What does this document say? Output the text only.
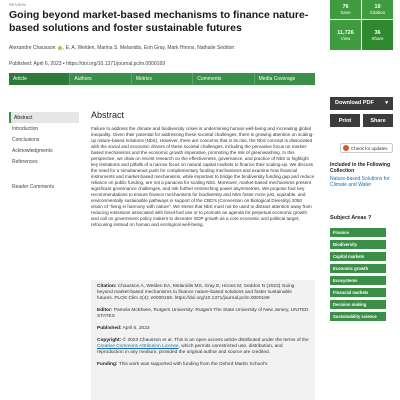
REVIEW
Going beyond market-based mechanisms to finance nature-based solutions and foster sustainable futures
Alexandre Chausson , E. A. Welden, Marina S. Melanidis, Erin Gray, Mark Hirons, Nathalie Seddon
Published: April 6, 2023 • https://doi.org/10.1371/journal.pclm.0000169
76
Save
19
Citation
11,726
View
36
Share
Article	Authors	Metrics	Comments	Media Coverage
Abstract
Introduction
Conclusions
Acknowledgments
References
Reader Comments
Abstract
Failure to address the climate and biodiversity crises is undermining human well-being and increasing global inequality. Given their potential for addressing these societal challenges, there is growing attention on scaling-up nature-based solutions (NbS). However, there are concerns that in its rise, the NbS concept is dissociated with the social and economic drivers of these societal challenges, including the pervasive focus on market-based mechanisms and the economic growth imperative, promoting the risk of greenwashing. In this perspective, we draw on recent research on the effectiveness, governance, and practice of NbS to highlight key limitations and pitfalls of a narrow focus on natural capital markets to finance their scaling-up. We discuss the need for a simultaneous push for complementary funding mechanisms and examine how financial instruments and market-based mechanisms, while important to bridge the biodiversity funding gap and reduce reliance on public funding, are not a panacea for scaling NbS. Moreover, market-based mechanisms present significant governance challenges, and risk further entrenching power asymmetries. We propose four key recommendations to ensure finance mechanisms for biodiversity and NbS foster more just, equitable, and environmentally sustainable pathways in support of the CBD's (Convention on Biological Diversity) 2050 vision of "living in harmony with nature". We stress that NbS must not be used to distract attention away from reducing emissions associated with fossil-fuel use or to promote an agenda for perpetual economic growth and call on government policy makers to decenter GDP growth as a core economic and political target, refocusing instead on human and ecological well-being.

Citation: Chausson A, Welden EA, Melanidis MS, Gray E, Hirons M, Seddon N (2023) Going beyond market-based mechanisms to finance nature-based solutions and foster sustainable futures. PLOS Clim 2(4): e0000169. https://doi.org/10.1371/journal.pclm.0000169

Editor: Pamela McElwee, Rutgers University: Rutgers The State University of New Jersey, UNITED STATES

Published: April 6, 2023

Copyright: © 2023 Chausson et al. This is an open access article distributed under the terms of the Creative Commons Attribution License, which permits unrestricted use, distribution, and reproduction in any medium, provided the original author and source are credited.

Funding: This work was supported with funding from the Oxford Martin School's

Download PDF ▾
Print	Share
Check for updates
Included in the Following Collection
Nature-based Solutions for Climate and Water
Subject Areas ?
Finance
Biodiversity
Capital markets
Economic growth
Ecosystems
Financial markets
Decision making
Sustainability science
